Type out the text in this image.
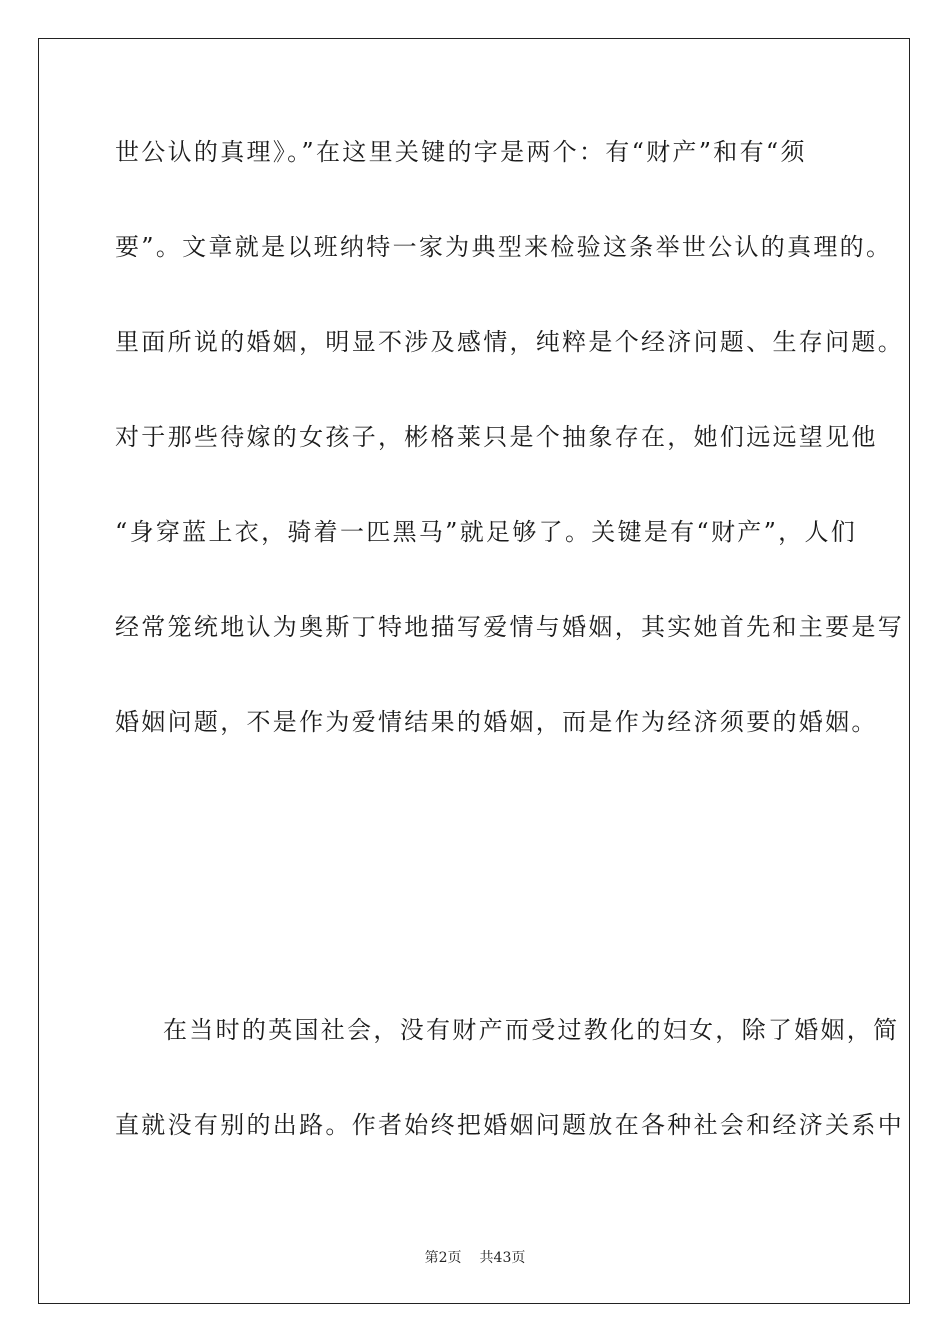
世公认的真理》。”在这里关键的字是两个：有“财产”和有“须
要”。文章就是以班纳特一家为典型来检验这条举世公认的真理的。
里面所说的婚姻，明显不涉及感情，纯粹是个经济问题、生存问题。
对于那些待嫁的女孩子，彬格莱只是个抽象存在，她们远远望见他
“身穿蓝上衣，骑着一匹黑马”就足够了。关键是有“财产”，人们
经常笼统地认为奥斯丁特地描写爱情与婚姻，其实她首先和主要是写
婚姻问题，不是作为爱情结果的婚姻，而是作为经济须要的婚姻。
在当时的英国社会，没有财产而受过教化的妇女，除了婚姻，简
直就没有别的出路。作者始终把婚姻问题放在各种社会和经济关系中
第2页 共43页
